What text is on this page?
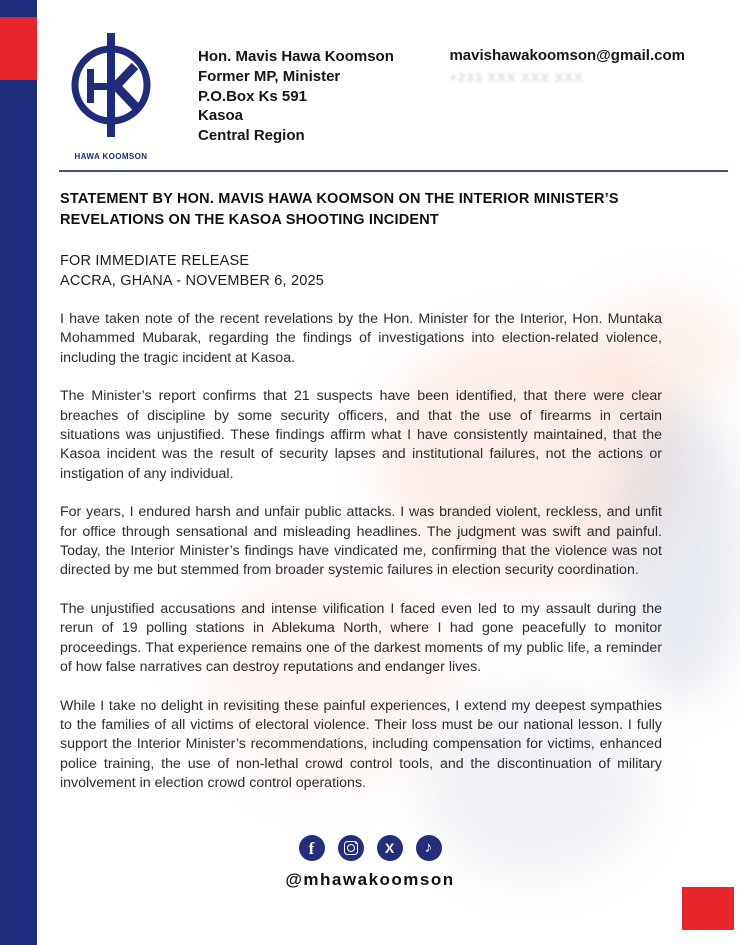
HAWA KOOMSON
Hon. Mavis Hawa Koomson
Former MP, Minister
P.O.Box Ks 591
Kasoa
Central Region
mavishawakoomson@gmail.com
+233 XXX XXX XXX
STATEMENT BY HON. MAVIS HAWA KOOMSON ON THE INTERIOR MINISTER’S REVELATIONS ON THE KASOA SHOOTING INCIDENT
FOR IMMEDIATE RELEASE
ACCRA, GHANA - NOVEMBER 6, 2025

I have taken note of the recent revelations by the Hon. Minister for the Interior, Hon. Muntaka Mohammed Mubarak, regarding the findings of investigations into election-related violence, including the tragic incident at Kasoa.

The Minister’s report confirms that 21 suspects have been identified, that there were clear breaches of discipline by some security officers, and that the use of firearms in certain situations was unjustified. These findings affirm what I have consistently maintained, that the Kasoa incident was the result of security lapses and institutional failures, not the actions or instigation of any individual.

For years, I endured harsh and unfair public attacks. I was branded violent, reckless, and unfit for office through sensational and misleading headlines. The judgment was swift and painful. Today, the Interior Minister’s findings have vindicated me, confirming that the violence was not directed by me but stemmed from broader systemic failures in election security coordination.

The unjustified accusations and intense vilification I faced even led to my assault during the rerun of 19 polling stations in Ablekuma North, where I had gone peacefully to monitor proceedings. That experience remains one of the darkest moments of my public life, a reminder of how false narratives can destroy reputations and endanger lives.

While I take no delight in revisiting these painful experiences, I extend my deepest sympathies to the families of all victims of electoral violence. Their loss must be our national lesson. I fully support the Interior Minister’s recommendations, including compensation for victims, enhanced police training, the use of non-lethal crowd control tools, and the discontinuation of military involvement in election crowd control operations.

f	X ♪
@mhawakoomson
